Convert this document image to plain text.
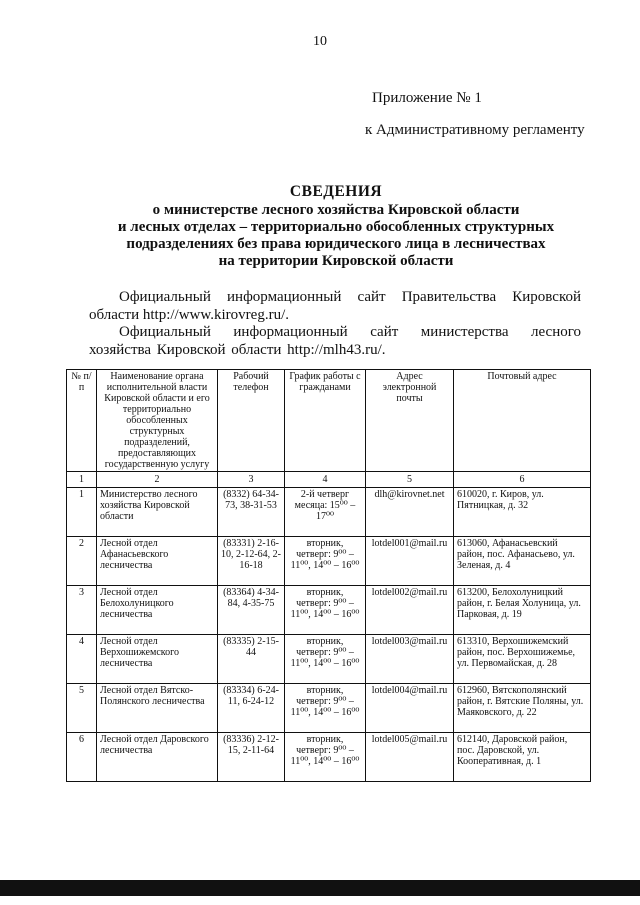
10
Приложение № 1
к Административному регламенту
СВЕДЕНИЯ
о министерстве лесного хозяйства Кировской области
и лесных отделах – территориально обособленных структурных
подразделениях без права юридического лица в лесничествах
на территории Кировской области
Официальный информационный сайт Правительства Кировской области http://www.kirovreg.ru/.
Официальный информационный сайт министерства лесного хозяйства Кировской области http://mlh43.ru/.
№ п/п	Наименование органа исполнительной власти Кировской области и его территориально обособленных структурных подразделений, предоставляющих государственную услугу	Рабочий телефон	График работы с гражданами	Адрес электронной почты	Почтовый адрес
1	2	3	4	5	6
1	Министерство лесного хозяйства Кировской области	(8332) 64-34-73, 38-31-53	2-й четверг месяца: 15⁰⁰ – 17⁰⁰	dlh@kirovnet.net	610020, г. Киров, ул. Пятницкая, д. 32
2	Лесной отдел Афанасьевского лесничества	(83331) 2-16-10, 2-12-64, 2-16-18	вторник, четверг: 9⁰⁰ – 11⁰⁰, 14⁰⁰ – 16⁰⁰	lotdel001@mail.ru	613060, Афанасьевский район, пос. Афанасьево, ул. Зеленая, д. 4
3	Лесной отдел Белохолуницкого лесничества	(83364) 4-34-84, 4-35-75	вторник, четверг: 9⁰⁰ – 11⁰⁰, 14⁰⁰ – 16⁰⁰	lotdel002@mail.ru	613200, Белохолуницкий район, г. Белая Холуница, ул. Парковая, д. 19
4	Лесной отдел Верхошижемского лесничества	(83335) 2-15-44	вторник, четверг: 9⁰⁰ – 11⁰⁰, 14⁰⁰ – 16⁰⁰	lotdel003@mail.ru	613310, Верхошижемский район, пос. Верхошижемье, ул. Первомайская, д. 28
5	Лесной отдел Вятско-Полянского лесничества	(83334) 6-24-11, 6-24-12	вторник, четверг: 9⁰⁰ – 11⁰⁰, 14⁰⁰ – 16⁰⁰	lotdel004@mail.ru	612960, Вятскополянский район, г. Вятские Поляны, ул. Маяковского, д. 22
6	Лесной отдел Даровского лесничества	(83336) 2-12-15, 2-11-64	вторник, четверг: 9⁰⁰ – 11⁰⁰, 14⁰⁰ – 16⁰⁰	lotdel005@mail.ru	612140, Даровской район, пос. Даровской, ул. Кооперативная, д. 1
